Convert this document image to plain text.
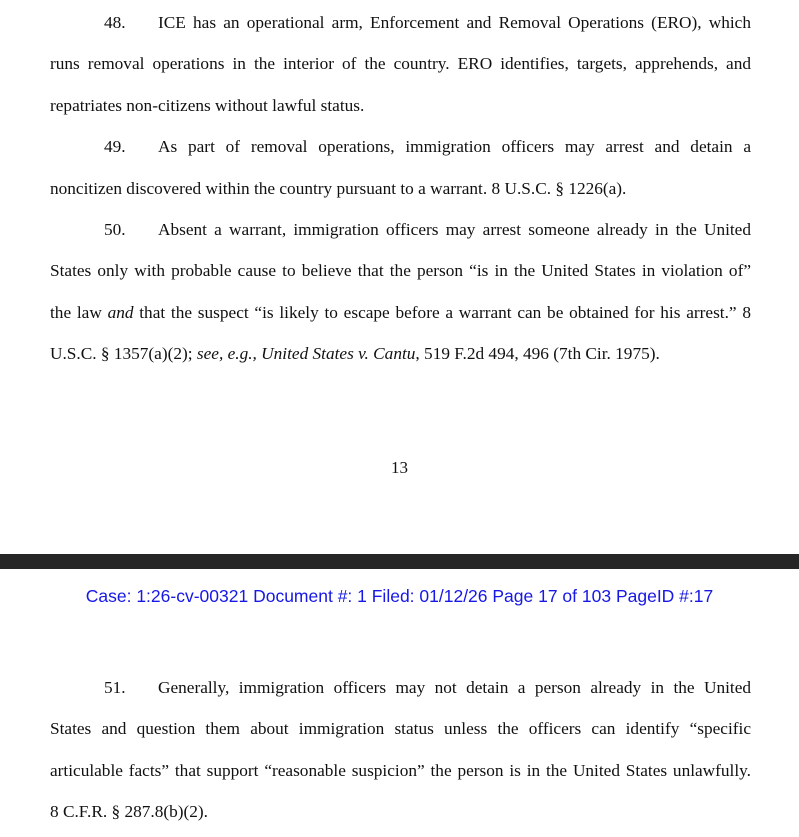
48.	ICE has an operational arm, Enforcement and Removal Operations (ERO), which
runs removal operations in the interior of the country. ERO identifies, targets, apprehends, and
repatriates non-citizens without lawful status.
49.	As part of removal operations, immigration officers may arrest and detain a
noncitizen discovered within the country pursuant to a warrant. 8 U.S.C. § 1226(a).
50.	Absent a warrant, immigration officers may arrest someone already in the United
States only with probable cause to believe that the person “is in the United States in violation of”
the law and that the suspect “is likely to escape before a warrant can be obtained for his arrest.” 8
U.S.C. § 1357(a)(2); see, e.g., United States v. Cantu, 519 F.2d 494, 496 (7th Cir. 1975).
13
Case: 1:26-cv-00321 Document #: 1 Filed: 01/12/26 Page 17 of 103 PageID #:17
51.	Generally, immigration officers may not detain a person already in the United
States and question them about immigration status unless the officers can identify “specific
articulable facts” that support “reasonable suspicion” the person is in the United States unlawfully.
8 C.F.R. § 287.8(b)(2).
